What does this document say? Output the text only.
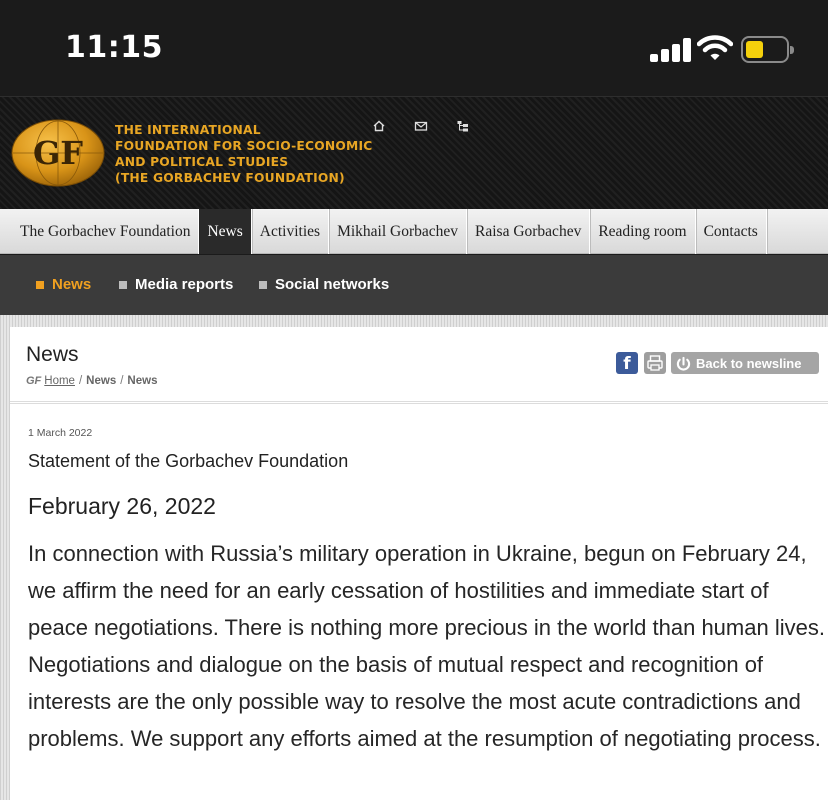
11:15
GF
THE INTERNATIONAL
FOUNDATION FOR SOCIO-ECONOMIC
AND POLITICAL STUDIES
(THE GORBACHEV FOUNDATION)
The Gorbachev Foundation	News	Activities	Mikhail Gorbachev	Raisa Gorbachev	Reading room	Contacts
News	Media reports	Social networks
News
GF Home / News / News
f	Back to newsline
1 March 2022
Statement of the Gorbachev Foundation
February 26, 2022
In connection with Russia’s military operation in Ukraine, begun on February 24, we affirm the need for an early cessation of hostilities and immediate start of peace negotiations. There is nothing more precious in the world than human lives. Negotiations and dialogue on the basis of mutual respect and recognition of interests are the only possible way to resolve the most acute contradictions and problems. We support any efforts aimed at the resumption of negotiating process.
